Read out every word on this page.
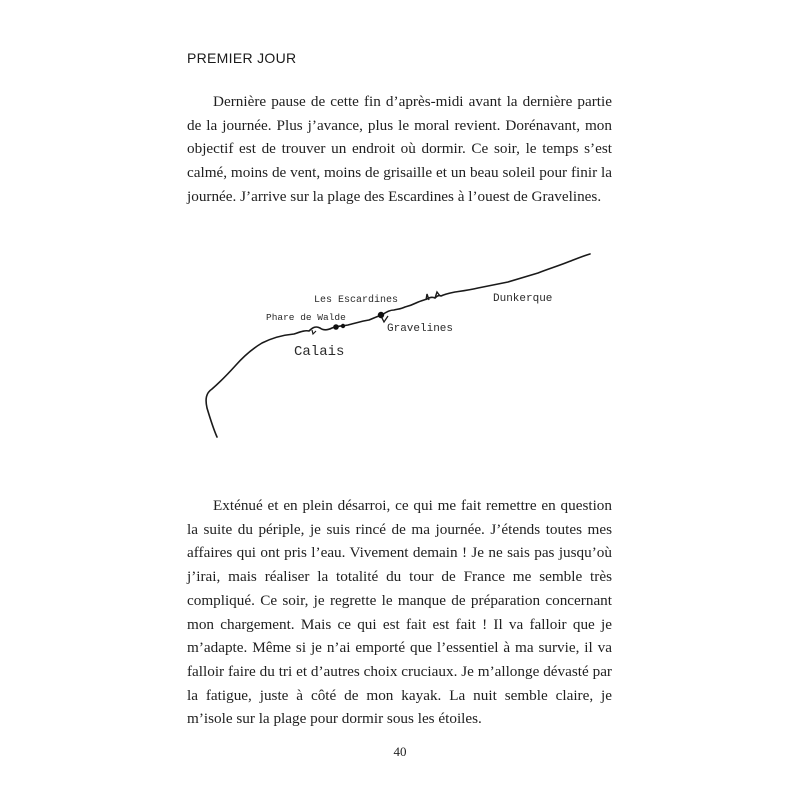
PREMIER JOUR

Dernière pause de cette fin d’après-midi avant la dernière partie de la journée. Plus j’avance, plus le moral revient. Dorénavant, mon objectif est de trouver un endroit où dormir. Ce soir, le temps s’est calmé, moins de vent, moins de grisaille et un beau soleil pour finir la journée. J’arrive sur la plage des Escardines à l’ouest de Gravelines.

Les Escardines
Phare de Walde
Dunkerque
Gravelines
Calais

Exténué et en plein désarroi, ce qui me fait remettre en question la suite du périple, je suis rincé de ma journée. J’étends toutes mes affaires qui ont pris l’eau. Vivement demain ! Je ne sais pas jusqu’où j’irai, mais réaliser la totalité du tour de France me semble très compliqué. Ce soir, je regrette le manque de préparation concernant mon chargement. Mais ce qui est fait est fait ! Il va falloir que je m’adapte. Même si je n’ai emporté que l’essentiel à ma survie, il va falloir faire du tri et d’autres choix cruciaux. Je m’allonge dévasté par la fatigue, juste à côté de mon kayak. La nuit semble claire, je m’isole sur la plage pour dormir sous les étoiles.

40
